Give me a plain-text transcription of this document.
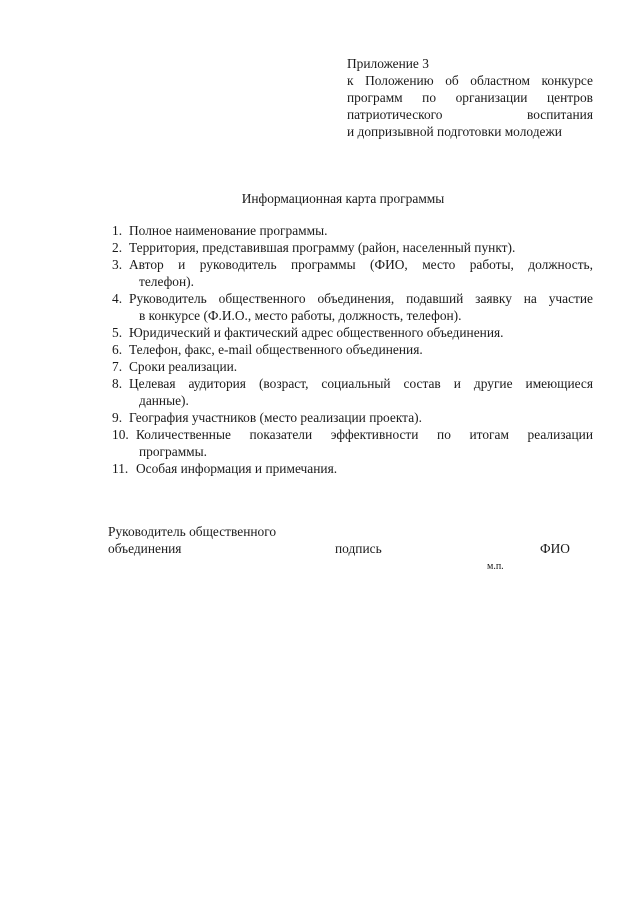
Приложение 3
к Положению об областном конкурсе
программ по организации центров
патриотического воспитания
и допризывной подготовки молодежи
Информационная карта программы
1. Полное наименование программы.
2. Территория, представившая программу (район, населенный пункт).
3. Автор и руководитель программы (ФИО, место работы, должность,
телефон).
4. Руководитель общественного объединения, подавший заявку на участие
в конкурсе (Ф.И.О., место работы, должность, телефон).
5. Юридический и фактический адрес общественного объединения.
6. Телефон, факс, e-mail общественного объединения.
7. Сроки реализации.
8. Целевая аудитория (возраст, социальный состав и другие имеющиеся
данные).
9. География участников (место реализации проекта).
10. Количественные показатели эффективности по итогам реализации
программы.
11. Особая информация и примечания.
Руководитель общественного
объединения	подпись	ФИО
м.п.
